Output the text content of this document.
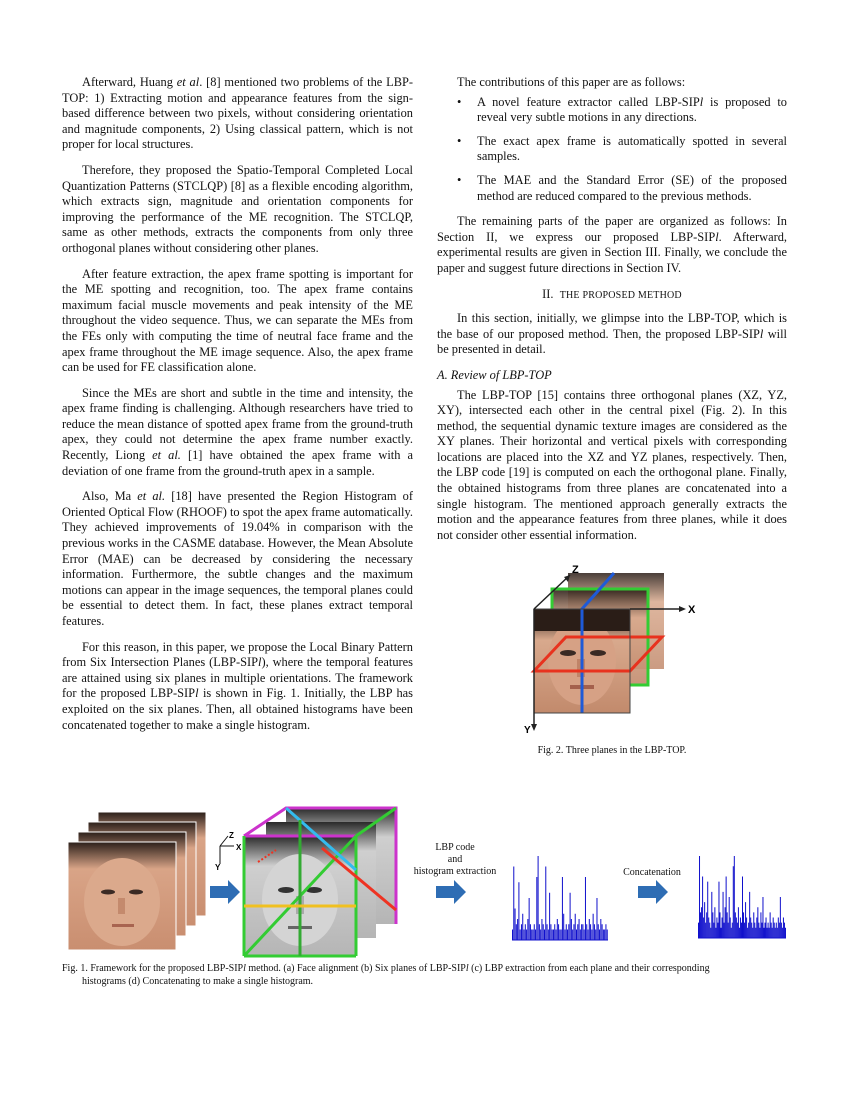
Afterward, Huang et al. [8] mentioned two problems of the LBP-TOP: 1) Extracting motion and appearance features from the sign-based difference between two pixels, without considering orientation and magnitude components, 2) Using classical pattern, which is not proper for local structures.

Therefore, they proposed the Spatio-Temporal Completed Local Quantization Patterns (STCLQP) [8] as a flexible encoding algorithm, which extracts sign, magnitude and orientation components for improving the performance of the ME recognition. The STCLQP, same as other methods, extracts the components from only three orthogonal planes without considering other planes.

After feature extraction, the apex frame spotting is important for the ME spotting and recognition, too. The apex frame contains maximum facial muscle movements and peak intensity of the ME throughout the video sequence. Thus, we can separate the MEs from the FEs only with computing the time of neutral face frame and the apex frame throughout the ME image sequence. Also, the apex frame can be used for FE classification alone.

Since the MEs are short and subtle in the time and intensity, the apex frame finding is challenging. Although researchers have tried to reduce the mean distance of spotted apex frame from the ground-truth apex, they could not determine the apex frame number exactly. Recently, Liong et al. [1] have obtained the apex frame with a deviation of one frame from the ground-truth apex in a sample.

Also, Ma et al. [18] have presented the Region Histogram of Oriented Optical Flow (RHOOF) to spot the apex frame automatically. They achieved improvements of 19.04% in comparison with the previous works in the CASME database. However, the Mean Absolute Error (MAE) can be decreased by considering the necessary information. Furthermore, the subtle changes and the maximum motions can appear in the image sequences, the temporal planes could be essential to detect them. In fact, these planes extract temporal features.

For this reason, in this paper, we propose the Local Binary Pattern from Six Intersection Planes (LBP-SIPl), where the temporal features are attained using six planes in multiple orientations. The framework for the proposed LBP-SIPl is shown in Fig. 1. Initially, the LBP has exploited on the six planes. Then, all obtained histograms have been concatenated together to make a single histogram.

The contributions of this paper are as follows:

• A novel feature extractor called LBP-SIPl is proposed to reveal very subtle motions in any directions.
• The exact apex frame is automatically spotted in several samples.
• The MAE and the Standard Error (SE) of the proposed method are reduced compared to the previous methods.

The remaining parts of the paper are organized as follows: In Section II, we express our proposed LBP-SIPl. Afterward, experimental results are given in Section III. Finally, we conclude the paper and suggest future directions in Section IV.

II. THE PROPOSED METHOD

In this section, initially, we glimpse into the LBP-TOP, which is the base of our proposed method. Then, the proposed LBP-SIPl will be presented in detail.

A. Review of LBP-TOP

The LBP-TOP [15] contains three orthogonal planes (XZ, YZ, XY), intersected each other in the central pixel (Fig. 2). In this method, the sequential dynamic texture images are considered as the XY planes. Their horizontal and vertical pixels with corresponding locations are placed into the XZ and YZ planes, respectively. Then, the LBP code [19] is computed on each the orthogonal plane. Finally, the obtained histograms from three planes are concatenated into a single histogram. The mentioned approach generally extracts the motion and the appearance features from three planes, while it does not consider other essential information.

Z
X
Y
Fig. 2. Three planes in the LBP-TOP.
Z
X
Y
LBP code
and
histogram extraction	Concatenation
Fig. 1. Framework for the proposed LBP-SIPl method. (a) Face alignment (b) Six planes of LBP-SIPl (c) LBP extraction from each plane and their corresponding
histograms (d) Concatenating to make a single histogram.
